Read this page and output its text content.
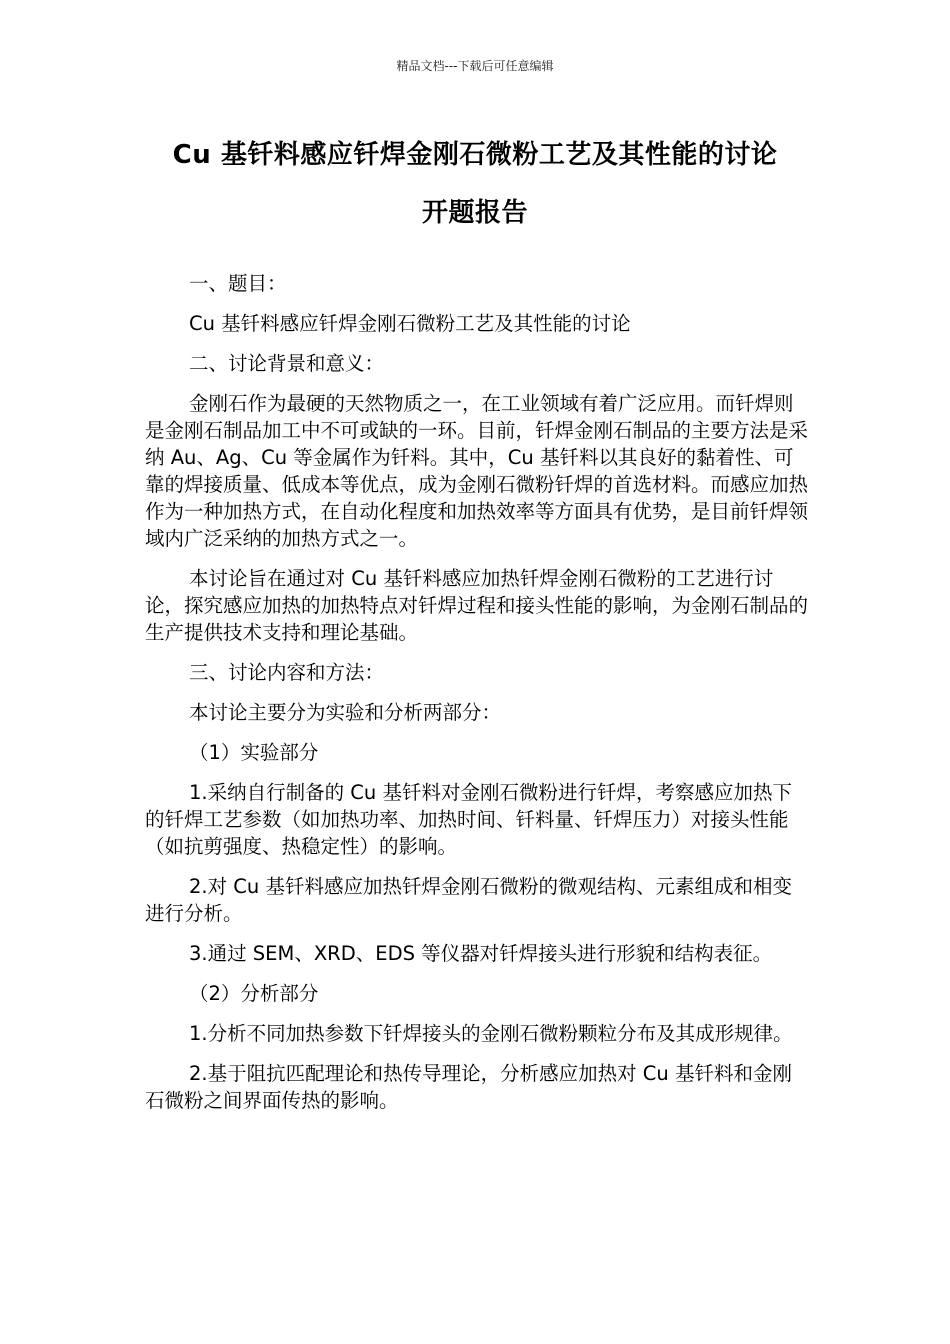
精品文档---下载后可任意编辑
Cu 基钎料感应钎焊金刚石微粉工艺及其性能的讨论
开题报告

一、题目：

Cu 基钎料感应钎焊金刚石微粉工艺及其性能的讨论

二、讨论背景和意义：

金刚石作为最硬的天然物质之一，在工业领域有着广泛应用。而钎焊则是金刚石制品加工中不可或缺的一环。目前，钎焊金刚石制品的主要方法是采纳 Au、Ag、Cu 等金属作为钎料。其中，Cu 基钎料以其良好的黏着性、可靠的焊接质量、低成本等优点，成为金刚石微粉钎焊的首选材料。而感应加热作为一种加热方式，在自动化程度和加热效率等方面具有优势，是目前钎焊领域内广泛采纳的加热方式之一。

本讨论旨在通过对 Cu 基钎料感应加热钎焊金刚石微粉的工艺进行讨论，探究感应加热的加热特点对钎焊过程和接头性能的影响，为金刚石制品的生产提供技术支持和理论基础。

三、讨论内容和方法：

本讨论主要分为实验和分析两部分：

（1）实验部分

1.采纳自行制备的 Cu 基钎料对金刚石微粉进行钎焊，考察感应加热下的钎焊工艺参数（如加热功率、加热时间、钎料量、钎焊压力）对接头性能（如抗剪强度、热稳定性）的影响。

2.对 Cu 基钎料感应加热钎焊金刚石微粉的微观结构、元素组成和相变进行分析。

3.通过 SEM、XRD、EDS 等仪器对钎焊接头进行形貌和结构表征。

（2）分析部分

1.分析不同加热参数下钎焊接头的金刚石微粉颗粒分布及其成形规律。

2.基于阻抗匹配理论和热传导理论，分析感应加热对 Cu 基钎料和金刚石微粉之间界面传热的影响。
